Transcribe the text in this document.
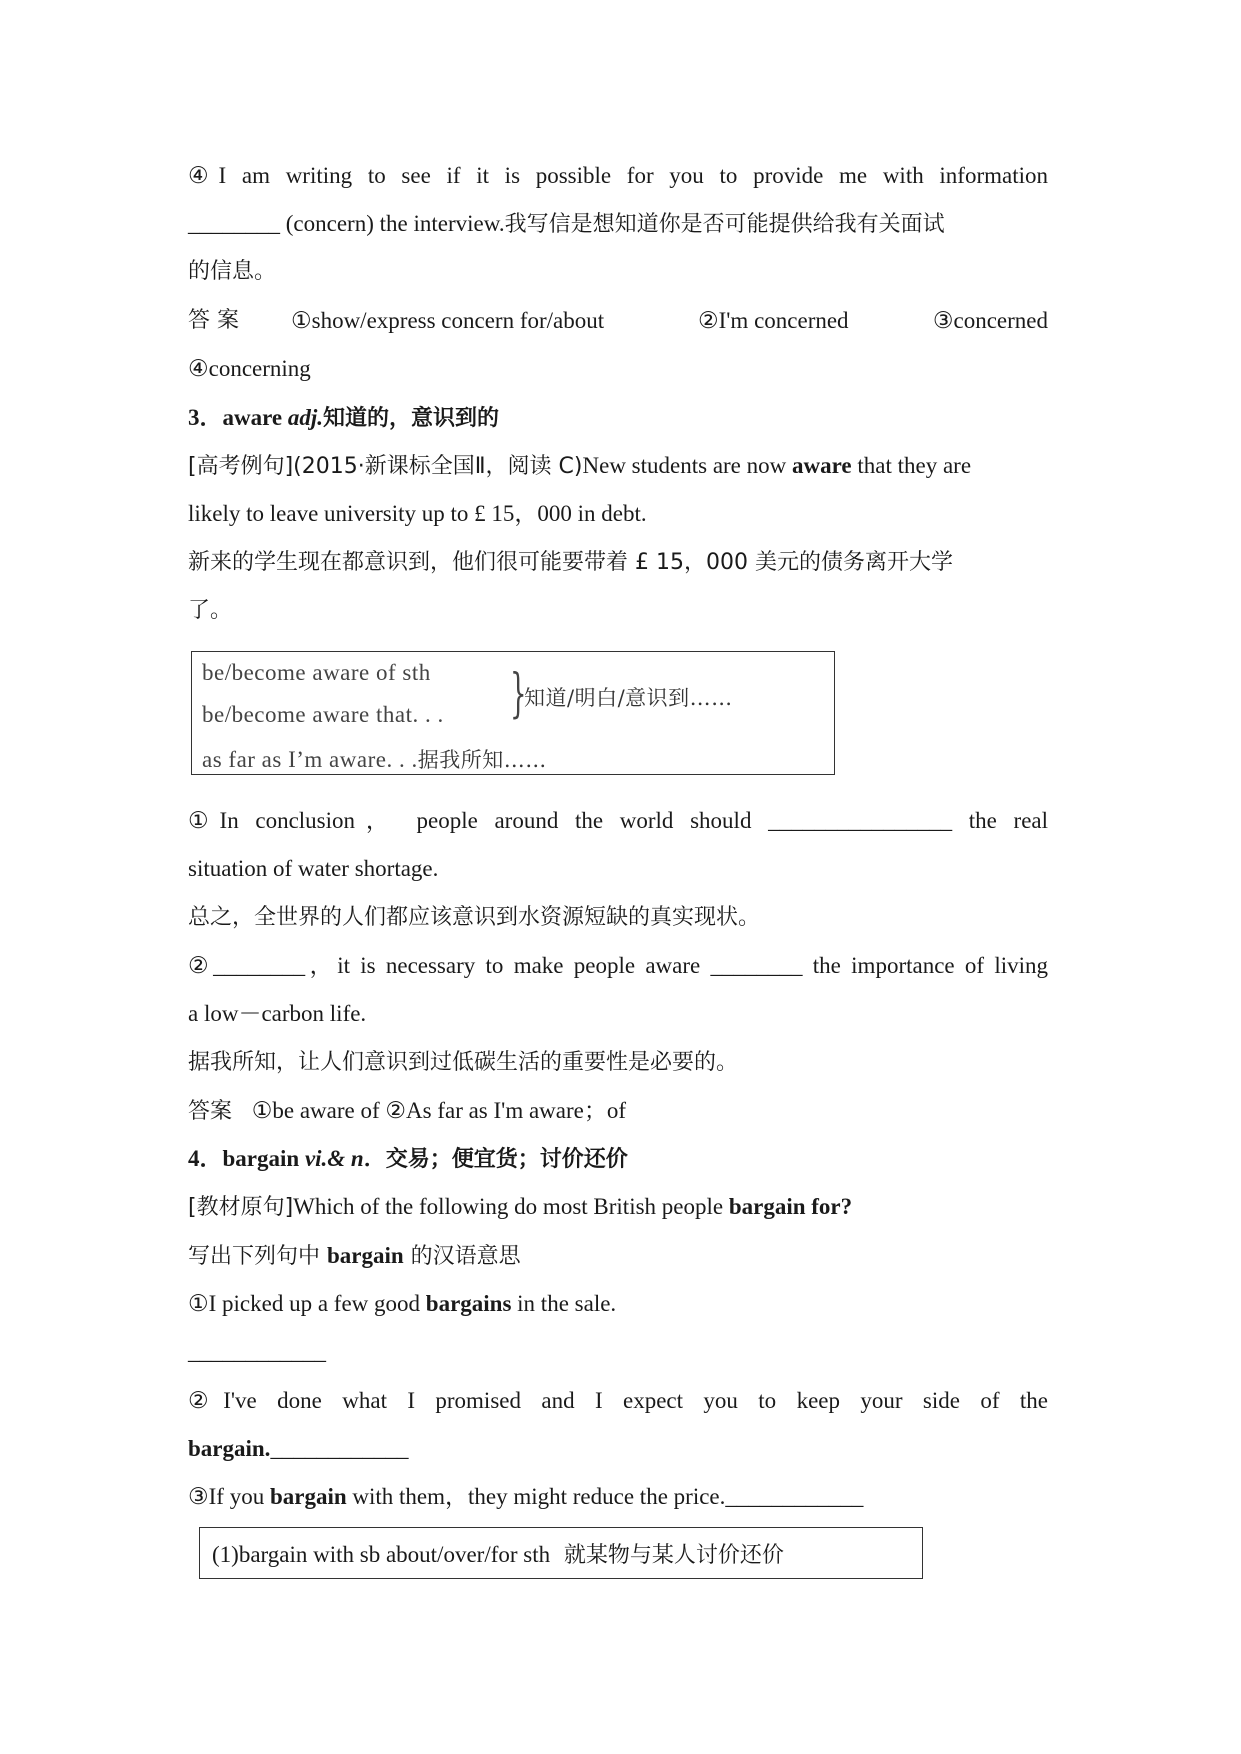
④I am writing to see if it is possible for you to provide me with information
________ (concern) the interview.我写信是想知道你是否可能提供给我有关面试
的信息。
答 案 ①show/express concern for/about	②I'm concerned	③concerned
④concerning
3．aware adj.知道的，意识到的
[高考例句](2015·新课标全国Ⅱ，阅读 C)New students are now aware that they are
likely to leave university up to £ 15，000 in debt.
新来的学生现在都意识到，他们很可能要带着 £ 15，000 美元的债务离开大学
了。
be/become aware of sth
be/become aware that. . . }
知道/明白/意识到……
as far as I’m aware. . .据我所知……
①In conclusion， people around the world should ________________ the real
situation of water shortage.
总之，全世界的人们都应该意识到水资源短缺的真实现状。
②________，it is necessary to make people aware ________ the importance of living
a low－carbon life.
据我所知，让人们意识到过低碳生活的重要性是必要的。
答案 ①be aware of ②As far as I'm aware；of
4．bargain vi.& n．交易；便宜货；讨价还价
[教材原句]Which of the following do most British people bargain for?
写出下列句中 bargain 的汉语意思
①I picked up a few good bargains in the sale.
____________
②I've done what I promised and I expect you to keep your side of the
bargain.____________
③If you bargain with them，they might reduce the price.____________
(1)bargain with sb about/over/for sth 就某物与某人讨价还价
